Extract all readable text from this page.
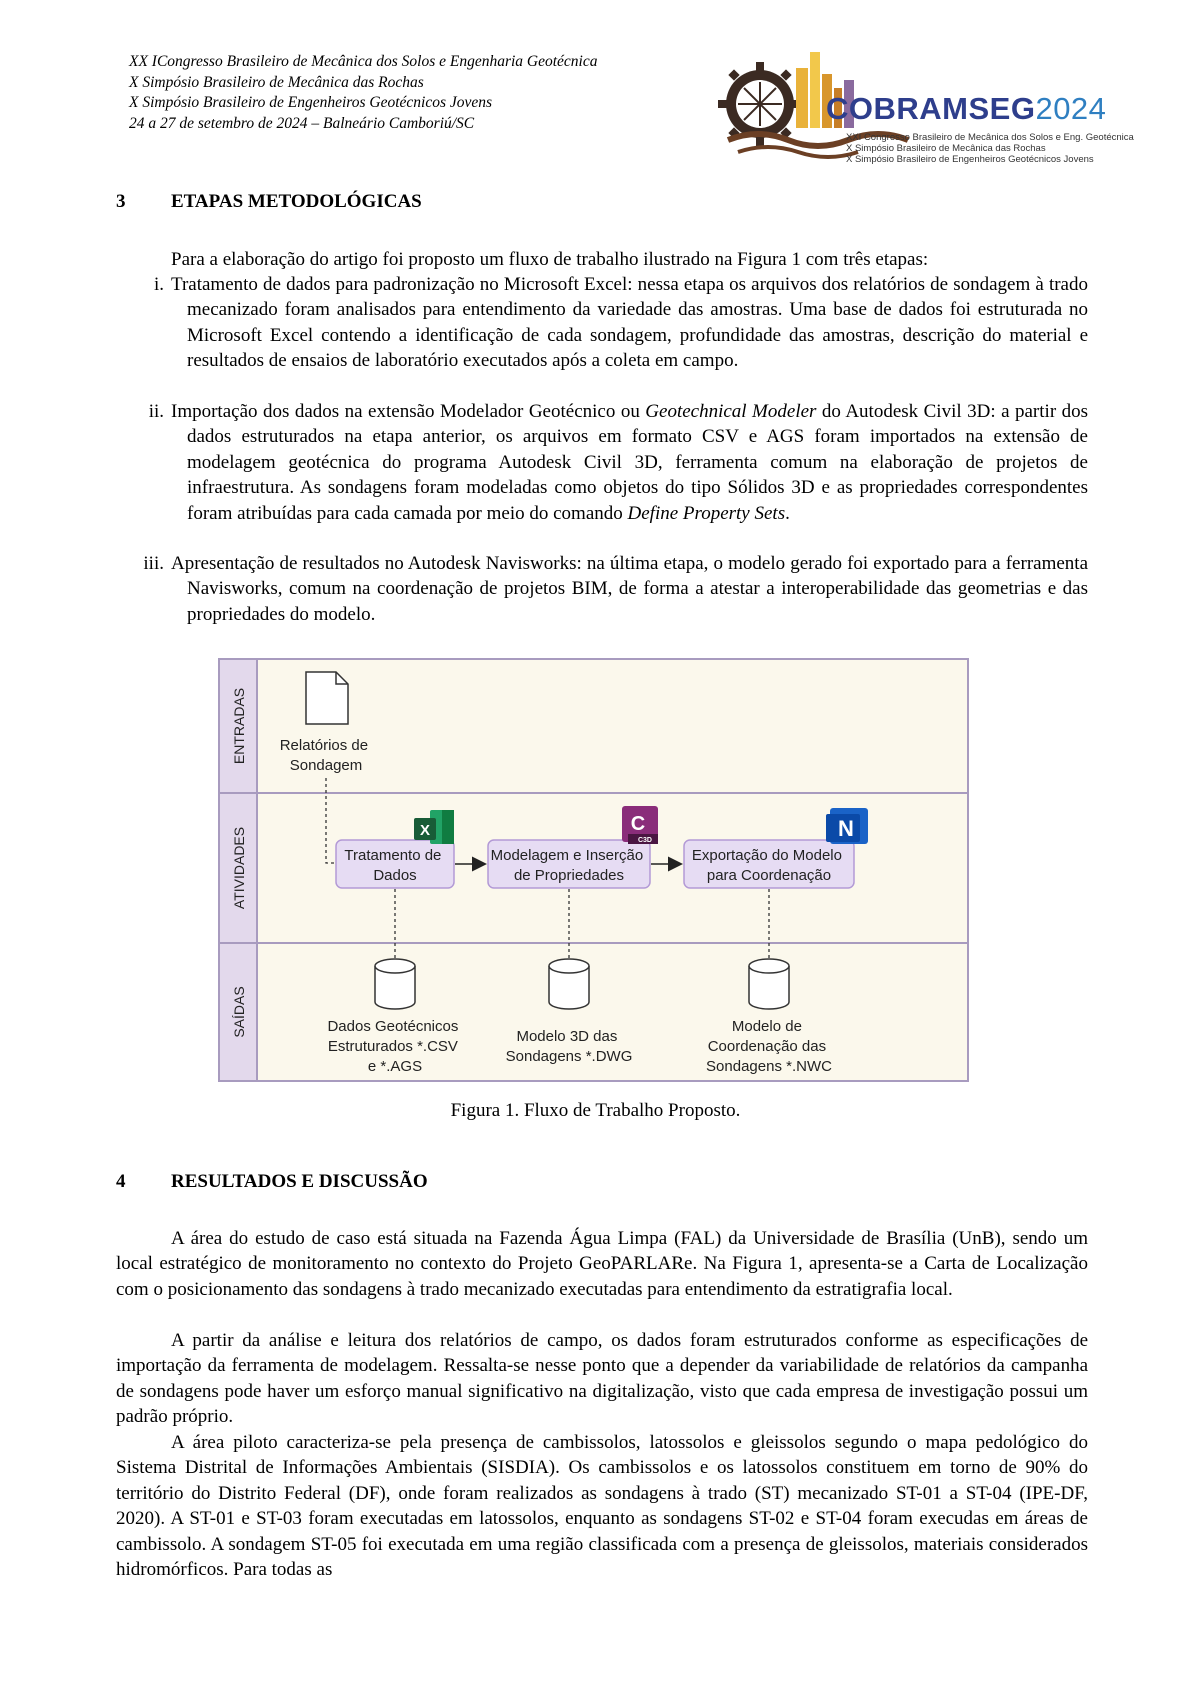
XX ICongresso Brasileiro de Mecânica dos Solos e Engenharia Geotécnica
X Simpósio Brasileiro de Mecânica das Rochas
X Simpósio Brasileiro de Engenheiros Geotécnicos Jovens
24 a 27 de setembro de 2024 – Balneário Camboriú/SC	COBRAMSEG2024
XXI Congresso Brasileiro de Mecânica dos Solos e Eng. Geotécnica
X Simpósio Brasileiro de Mecânica das Rochas
X Simpósio Brasileiro de Engenheiros Geotécnicos Jovens
3 ETAPAS METODOLÓGICAS
Para a elaboração do artigo foi proposto um fluxo de trabalho ilustrado na Figura 1 com três etapas:
i. Tratamento de dados para padronização no Microsoft Excel: nessa etapa os arquivos dos relatórios de sondagem à trado mecanizado foram analisados para entendimento da variedade das amostras. Uma base de dados foi estruturada no Microsoft Excel contendo a identificação de cada sondagem, profundidade das amostras, descrição do material e resultados de ensaios de laboratório executados após a coleta em campo.
ii. Importação dos dados na extensão Modelador Geotécnico ou Geotechnical Modeler do Autodesk Civil 3D: a partir dos dados estruturados na etapa anterior, os arquivos em formato CSV e AGS foram importados na extensão de modelagem geotécnica do programa Autodesk Civil 3D, ferramenta comum na elaboração de projetos de infraestrutura. As sondagens foram modeladas como objetos do tipo Sólidos 3D e as propriedades correspondentes foram atribuídas para cada camada por meio do comando Define Property Sets.
iii. Apresentação de resultados no Autodesk Navisworks: na última etapa, o modelo gerado foi exportado para a ferramenta Navisworks, comum na coordenação de projetos BIM, de forma a atestar a interoperabilidade das geometrias e das propriedades do modelo.
ENTRADAS
ATIVIDADES
SAÍDAS
Relatórios de Sondagem
Tratamento de Dados
Modelagem e Inserção de Propriedades
Exportação do Modelo para Coordenação
X	C
C3D	N
Dados Geotécnicos Estruturados *.CSV e *.AGS
Modelo 3D das Sondagens *.DWG
Modelo de Coordenação das Sondagens *.NWC
Figura 1. Fluxo de Trabalho Proposto.
4 RESULTADOS E DISCUSSÃO
A área do estudo de caso está situada na Fazenda Água Limpa (FAL) da Universidade de Brasília (UnB), sendo um local estratégico de monitoramento no contexto do Projeto GeoPARLARe. Na Figura 1, apresenta-se a Carta de Localização com o posicionamento das sondagens à trado mecanizado executadas para entendimento da estratigrafia local.
A partir da análise e leitura dos relatórios de campo, os dados foram estruturados conforme as especificações de importação da ferramenta de modelagem. Ressalta-se nesse ponto que a depender da variabilidade de relatórios da campanha de sondagens pode haver um esforço manual significativo na digitalização, visto que cada empresa de investigação possui um padrão próprio.
A área piloto caracteriza-se pela presença de cambissolos, latossolos e gleissolos segundo o mapa pedológico do Sistema Distrital de Informações Ambientais (SISDIA). Os cambissolos e os latossolos constituem em torno de 90% do território do Distrito Federal (DF), onde foram realizados as sondagens à trado (ST) mecanizado ST-01 a ST-04 (IPE-DF, 2020). A ST-01 e ST-03 foram executadas em latossolos, enquanto as sondagens ST-02 e ST-04 foram execudas em áreas de cambissolo. A sondagem ST-05 foi executada em uma região classificada com a presença de gleissolos, materiais considerados hidromórficos. Para todas as
